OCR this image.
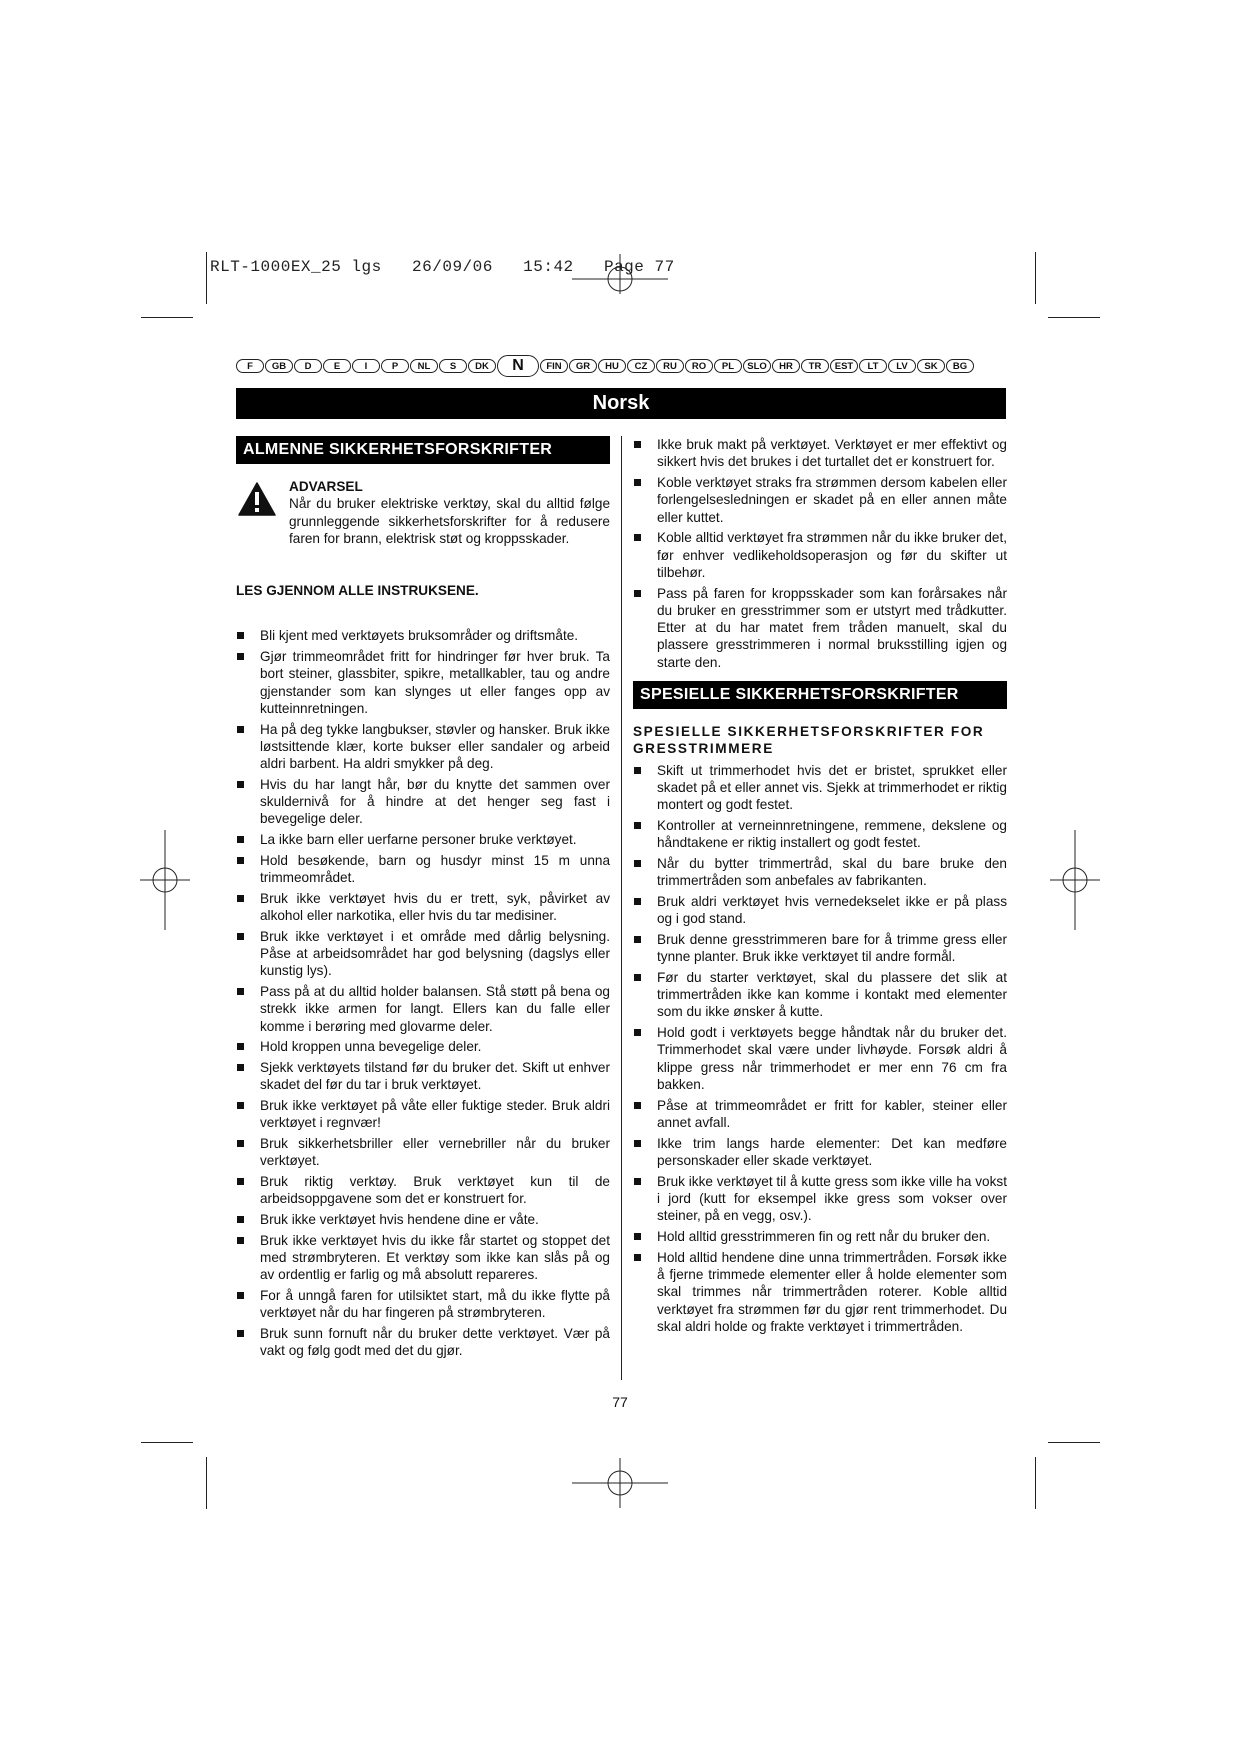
RLT-1000EX_25 lgs   26/09/06   15:42   Page 77
F	GB	D	E	I	P	NL	S	DK	N	FIN	GR	HU	CZ	RU	RO	PL	SLO	HR	TR	EST	LT	LV	SK	BG
Norsk
ALMENNE SIKKERHETSFORSKRIFTER
ADVARSEL

Når du bruker elektriske verktøy, skal du alltid følge grunnleggende sikkerhetsforskrifter for å redusere faren for brann, elektrisk støt og kroppsskader.

LES GJENNOM ALLE INSTRUKSENE.
Bli kjent med verktøyets bruksområder og driftsmåte.
Gjør trimmeområdet fritt for hindringer før hver bruk. Ta bort steiner, glassbiter, spikre, metallkabler, tau og andre gjenstander som kan slynges ut eller fanges opp av kutteinnretningen.
Ha på deg tykke langbukser, støvler og hansker. Bruk ikke løstsittende klær, korte bukser eller sandaler og arbeid aldri barbent. Ha aldri smykker på deg.
Hvis du har langt hår, bør du knytte det sammen over skuldernivå for å hindre at det henger seg fast i bevegelige deler.
La ikke barn eller uerfarne personer bruke verktøyet.
Hold besøkende, barn og husdyr minst 15 m unna trimmeområdet.
Bruk ikke verktøyet hvis du er trett, syk, påvirket av alkohol eller narkotika, eller hvis du tar medisiner.
Bruk ikke verktøyet i et område med dårlig belysning. Påse at arbeidsområdet har god belysning (dagslys eller kunstig lys).
Pass på at du alltid holder balansen. Stå støtt på bena og strekk ikke armen for langt. Ellers kan du falle eller komme i berøring med glovarme deler.
Hold kroppen unna bevegelige deler.
Sjekk verktøyets tilstand før du bruker det. Skift ut enhver skadet del før du tar i bruk verktøyet.
Bruk ikke verktøyet på våte eller fuktige steder. Bruk aldri verktøyet i regnvær!
Bruk sikkerhetsbriller eller vernebriller når du bruker verktøyet.
Bruk riktig verktøy. Bruk verktøyet kun til de arbeidsoppgavene som det er konstruert for.
Bruk ikke verktøyet hvis hendene dine er våte.
Bruk ikke verktøyet hvis du ikke får startet og stoppet det med strømbryteren. Et verktøy som ikke kan slås på og av ordentlig er farlig og må absolutt repareres.
For å unngå faren for utilsiktet start, må du ikke flytte på verktøyet når du har fingeren på strømbryteren.
Bruk sunn fornuft når du bruker dette verktøyet. Vær på vakt og følg godt med det du gjør.
Ikke bruk makt på verktøyet. Verktøyet er mer effektivt og sikkert hvis det brukes i det turtallet det er konstruert for.
Koble verktøyet straks fra strømmen dersom kabelen eller forlengelsesledningen er skadet på en eller annen måte eller kuttet.
Koble alltid verktøyet fra strømmen når du ikke bruker det, før enhver vedlikeholdsoperasjon og før du skifter ut tilbehør.
Pass på faren for kroppsskader som kan forårsakes når du bruker en gresstrimmer som er utstyrt med trådkutter. Etter at du har matet frem tråden manuelt, skal du plassere gresstrimmeren i normal bruksstilling igjen og starte den.
SPESIELLE SIKKERHETSFORSKRIFTER
SPESIELLE SIKKERHETSFORSKRIFTER FOR GRESSTRIMMERE
Skift ut trimmerhodet hvis det er bristet, sprukket eller skadet på et eller annet vis. Sjekk at trimmerhodet er riktig montert og godt festet.
Kontroller at verneinnretningene, remmene, dekslene og håndtakene er riktig installert og godt festet.
Når du bytter trimmertråd, skal du bare bruke den trimmertråden som anbefales av fabrikanten.
Bruk aldri verktøyet hvis vernedekselet ikke er på plass og i god stand.
Bruk denne gresstrimmeren bare for å trimme gress eller tynne planter. Bruk ikke verktøyet til andre formål.
Før du starter verktøyet, skal du plassere det slik at trimmertråden ikke kan komme i kontakt med elementer som du ikke ønsker å kutte.
Hold godt i verktøyets begge håndtak når du bruker det. Trimmerhodet skal være under livhøyde. Forsøk aldri å klippe gress når trimmerhodet er mer enn 76 cm fra bakken.
Påse at trimmeområdet er fritt for kabler, steiner eller annet avfall.
Ikke trim langs harde elementer: Det kan medføre personskader eller skade verktøyet.
Bruk ikke verktøyet til å kutte gress som ikke ville ha vokst i jord (kutt for eksempel ikke gress som vokser over steiner, på en vegg, osv.).
Hold alltid gresstrimmeren fin og rett når du bruker den.
Hold alltid hendene dine unna trimmertråden. Forsøk ikke å fjerne trimmede elementer eller å holde elementer som skal trimmes når trimmertråden roterer. Koble alltid verktøyet fra strømmen før du gjør rent trimmerhodet. Du skal aldri holde og frakte verktøyet i trimmertråden.
77
